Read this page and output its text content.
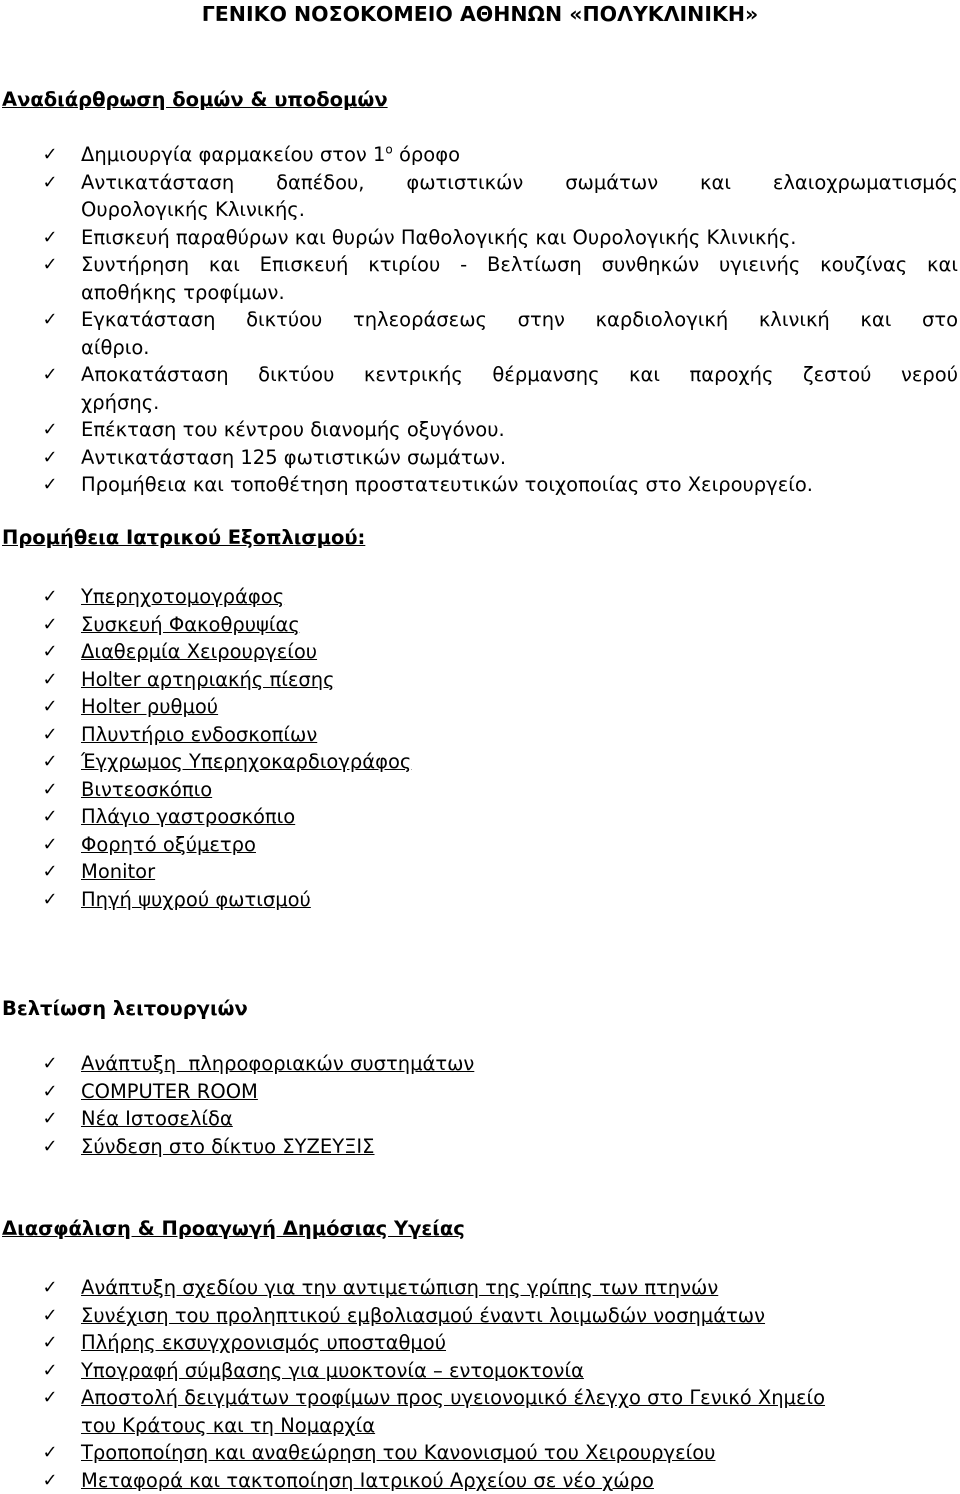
ΓΕΝΙΚΟ ΝΟΣΟΚΟΜΕΙΟ ΑΘΗΝΩΝ «ΠΟΛΥΚΛΙΝΙΚΗ»
Αναδιάρθρωση δομών & υποδομών
✓ Δημιουργία φαρμακείου στον $1^o$ όροφο
✓ Αντικατάσταση δαπέδου, φωτιστικών σωμάτων και ελαιοχρωματισμός
Ουρολογικής Κλινικής.
✓ Επισκευή παραθύρων και θυρών Παθολογικής και Ουρολογικής Κλινικής.
✓ Συντήρηση και Επισκευή κτιρίου - Βελτίωση συνθηκών υγιεινής κουζίνας και
αποθήκης τροφίμων.
✓ Εγκατάσταση δικτύου τηλεοράσεως στην καρδιολογική κλινική και στο
αίθριο.
✓ Αποκατάσταση δικτύου κεντρικής θέρμανσης και παροχής ζεστού νερού
χρήσης.
✓ Επέκταση του κέντρου διανομής οξυγόνου.
✓ Αντικατάσταση 125 φωτιστικών σωμάτων.
✓ Προμήθεια και τοποθέτηση προστατευτικών τοιχοποιίας στο Χειρουργείο.
Προμήθεια Ιατρικού Εξοπλισμού:
✓ Υπερηχοτομογράφος
✓ Συσκευή Φακοθρυψίας
✓ Διαθερμία Χειρουργείου
✓ Holter αρτηριακής πίεσης
✓ Holter ρυθμού
✓ Πλυντήριο ενδοσκοπίων
✓ Έγχρωμος Υπερηχοκαρδιογράφος
✓ Βιντεοσκόπιο
✓ Πλάγιο γαστροσκόπιο
✓ Φορητό οξύμετρο
✓ Monitor
✓ Πηγή ψυχρού φωτισμού
Βελτίωση λειτουργιών
✓ Ανάπτυξη  πληροφοριακών συστημάτων
✓ COMPUTER ROOM
✓ Νέα Ιστοσελίδα
✓ Σύνδεση στο δίκτυο ΣΥΖΕΥΞΙΣ
Διασφάλιση & Προαγωγή Δημόσιας Υγείας
✓ Ανάπτυξη σχεδίου για την αντιμετώπιση της γρίπης των πτηνών
✓ Συνέχιση του προληπτικού εμβολιασμού έναντι λοιμωδών νοσημάτων
✓ Πλήρης εκσυγχρονισμός υποσταθμού
✓ Υπογραφή σύμβασης για μυοκτονία – εντομοκτονία
✓ Αποστολή δειγμάτων τροφίμων προς υγειονομικό έλεγχο στο Γενικό Χημείο
του Κράτους και τη Νομαρχία
✓ Τροποποίηση και αναθεώρηση του Κανονισμού του Χειρουργείου
✓ Μεταφορά και τακτοποίηση Ιατρικού Αρχείου σε νέο χώρο
